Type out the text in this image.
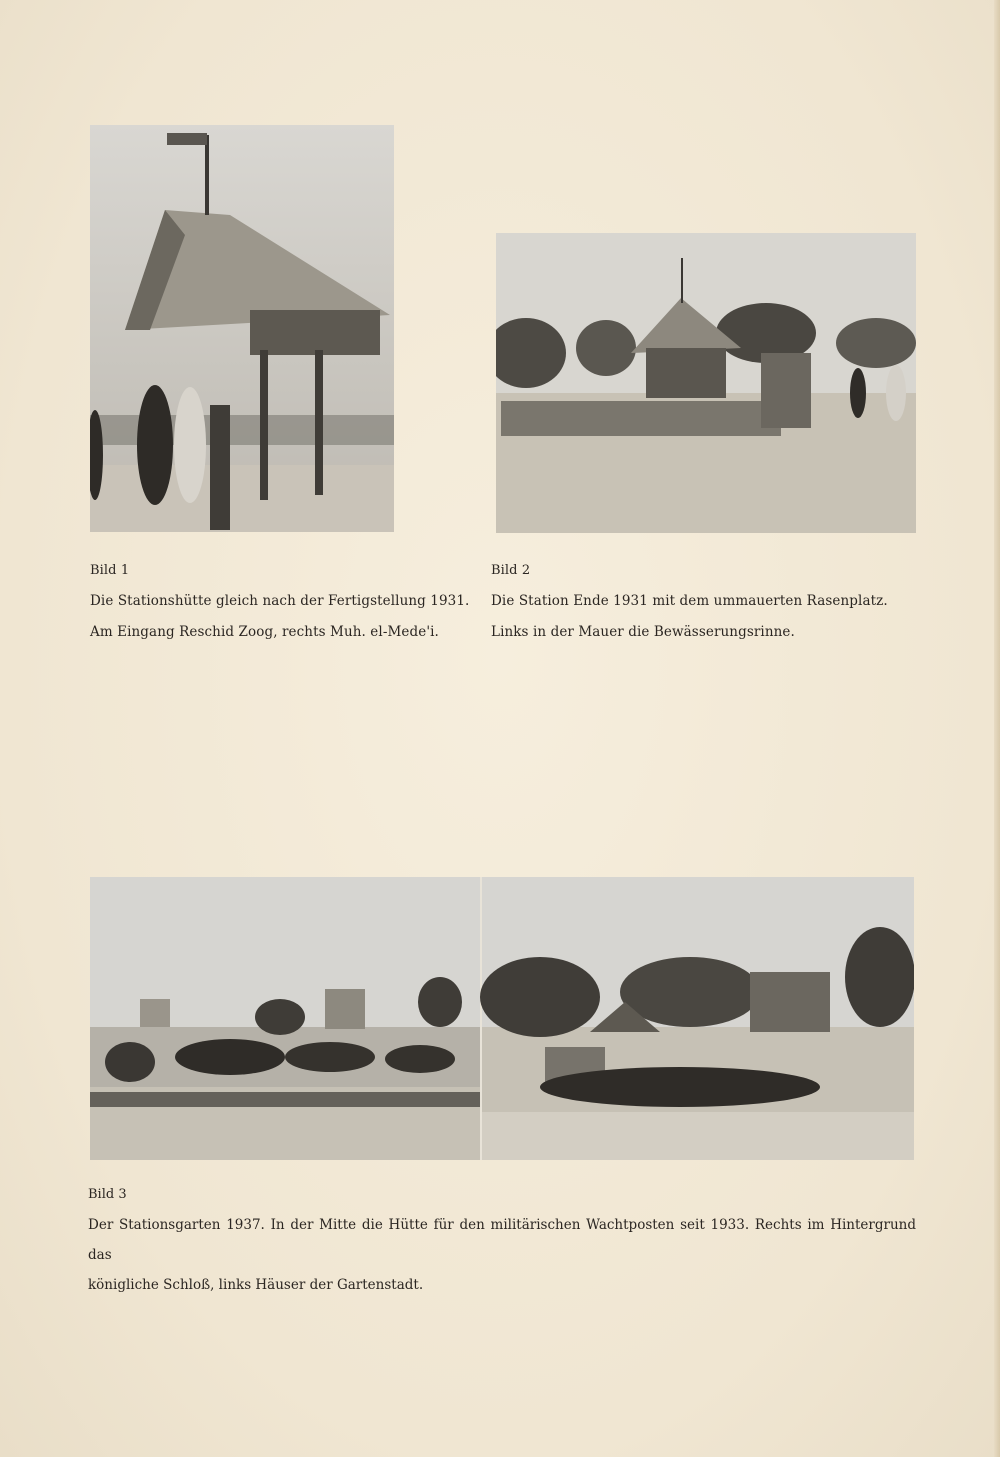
Bild 1
Die Stationshütte gleich nach der Fertigstellung 1931.
Am Eingang Reschid Zoog, rechts Muh. el-Mede'i.
Bild 2
Die Station Ende 1931 mit dem ummauerten Rasenplatz.
Links in der Mauer die Bewässerungsrinne.
Bild 3
Der Stationsgarten 1937. In der Mitte die Hütte für den militärischen Wachtposten seit 1933. Rechts im Hintergrund das
königliche Schloß, links Häuser der Gartenstadt.
